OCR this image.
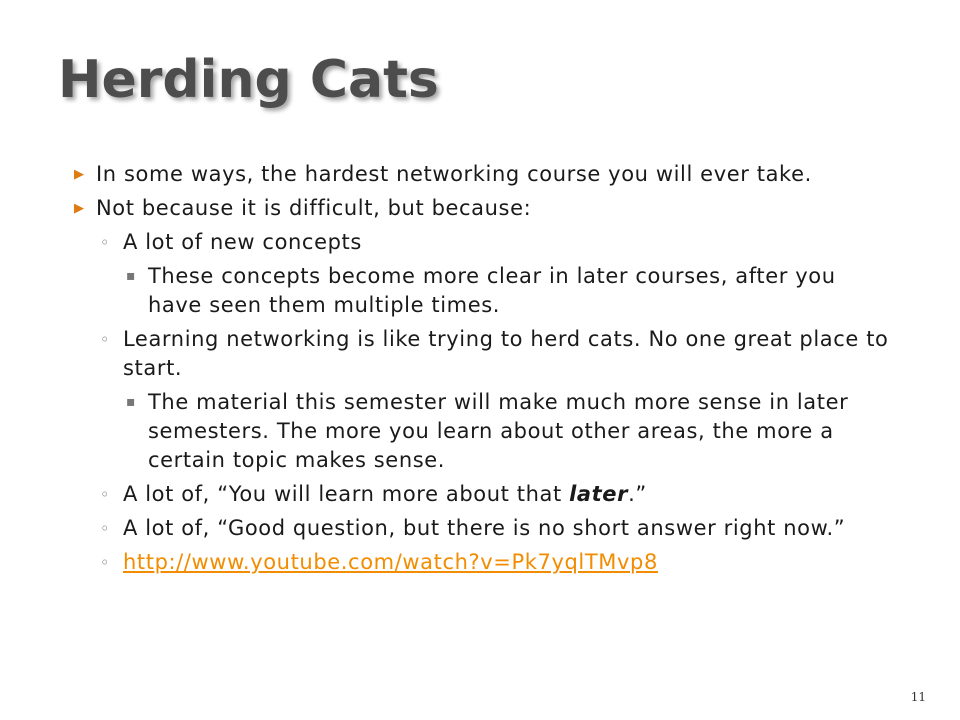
Herding Cats
▶ In some ways, the hardest networking course you will ever take.
▶ Not because it is difficult, but because:
◦ A lot of new concepts
▪ These concepts become more clear in later courses, after you have seen them multiple times.
◦ Learning networking is like trying to herd cats. No one great place to start.
▪ The material this semester will make much more sense in later semesters. The more you learn about other areas, the more a certain topic makes sense.
◦ A lot of, “You will learn more about that later.”
◦ A lot of, “Good question, but there is no short answer right now.”
◦ http://www.youtube.com/watch?v=Pk7yqlTMvp8
11
